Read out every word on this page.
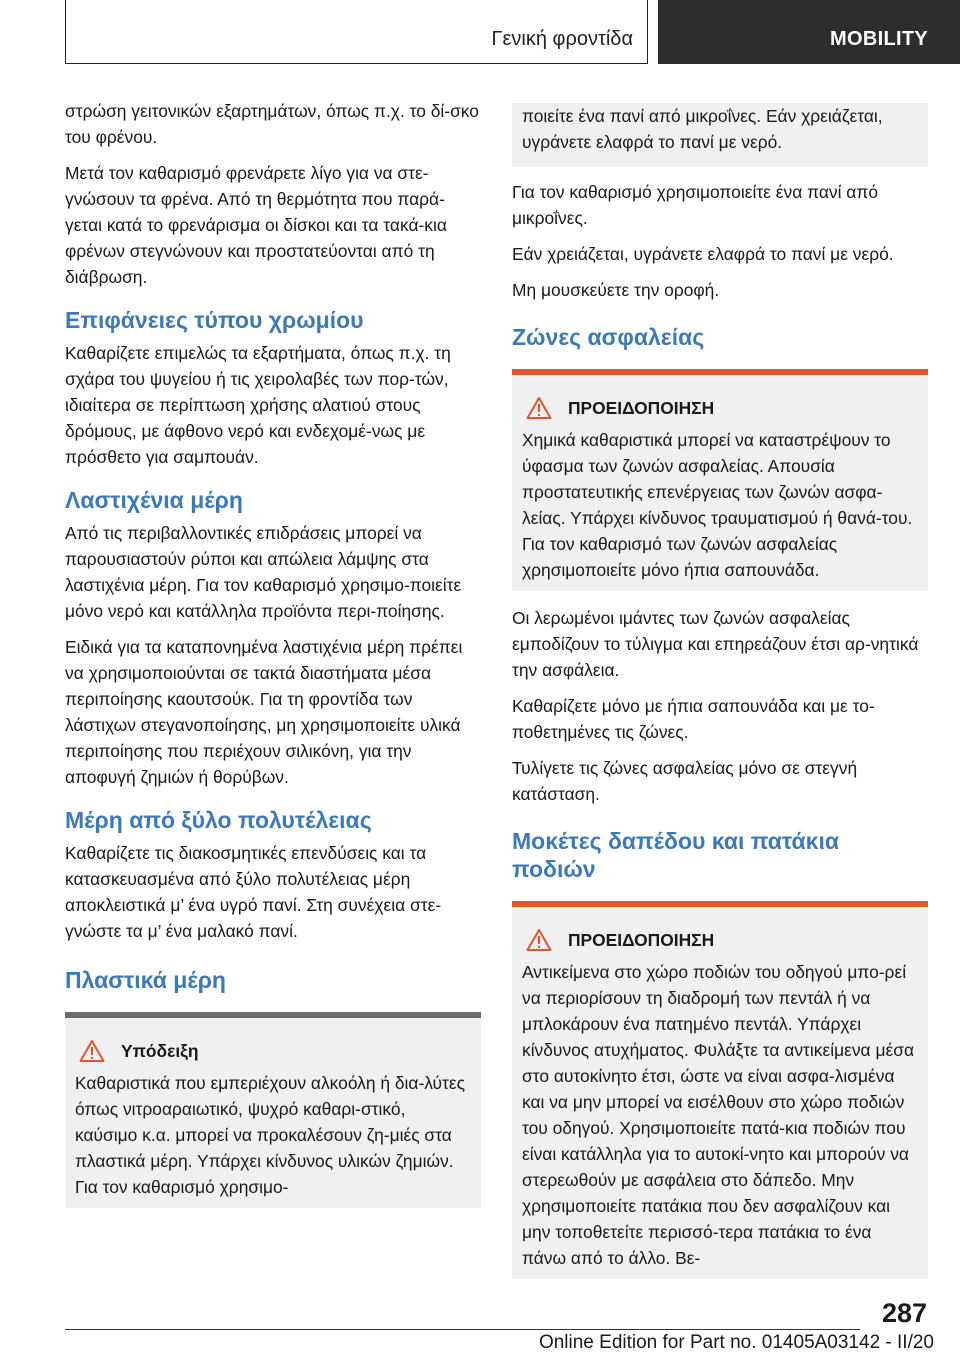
Γενική φροντίδα	MOBILITY

στρώση γειτονικών εξαρτημάτων, όπως π.χ. το δί-σκο του φρένου.

Μετά τον καθαρισμό φρενάρετε λίγο για να στε-γνώσουν τα φρένα. Από τη θερμότητα που παρά-γεται κατά το φρενάρισμα οι δίσκοι και τα τακά-κια φρένων στεγνώνουν και προστατεύονται από τη διάβρωση.

Επιφάνειες τύπου χρωμίου

Καθαρίζετε επιμελώς τα εξαρτήματα, όπως π.χ. τη σχάρα του ψυγείου ή τις χειρολαβές των πορ-τών, ιδιαίτερα σε περίπτωση χρήσης αλατιού στους δρόμους, με άφθονο νερό και ενδεχομέ-νως με πρόσθετο για σαμπουάν.

Λαστιχένια μέρη

Από τις περιβαλλοντικές επιδράσεις μπορεί να παρουσιαστούν ρύποι και απώλεια λάμψης στα λαστιχένια μέρη. Για τον καθαρισμό χρησιμο-ποιείτε μόνο νερό και κατάλληλα προϊόντα περι-ποίησης.

Ειδικά για τα καταπονημένα λαστιχένια μέρη πρέπει να χρησιμοποιούνται σε τακτά διαστήματα μέσα περιποίησης καουτσούκ. Για τη φροντίδα των λάστιχων στεγανοποίησης, μη χρησιμοποιείτε υλικά περιποίησης που περιέχουν σιλικόνη, για την αποφυγή ζημιών ή θορύβων.

Μέρη από ξύλο πολυτέλειας

Καθαρίζετε τις διακοσμητικές επενδύσεις και τα κατασκευασμένα από ξύλο πολυτέλειας μέρη αποκλειστικά μ’ ένα υγρό πανί. Στη συνέχεια στε-γνώστε τα μ’ ένα μαλακό πανί.

Πλαστικά μέρη
Υπόδειξη

Καθαριστικά που εμπεριέχουν αλκοόλη ή δια-λύτες όπως νιτροαραιωτικό, ψυχρό καθαρι-στικό, καύσιμο κ.α. μπορεί να προκαλέσουν ζη-μιές στα πλαστικά μέρη. Υπάρχει κίνδυνος υλικών ζημιών. Για τον καθαρισμό χρησιμο-

ποιείτε ένα πανί από μικροΐνες. Εάν χρειάζεται, υγράνετε ελαφρά το πανί με νερό.

Για τον καθαρισμό χρησιμοποιείτε ένα πανί από μικροΐνες.

Εάν χρειάζεται, υγράνετε ελαφρά το πανί με νερό.

Μη μουσκεύετε την οροφή.

Ζώνες ασφαλείας
ΠΡΟΕΙΔΟΠΟΙΗΣΗ

Χημικά καθαριστικά μπορεί να καταστρέψουν το ύφασμα των ζωνών ασφαλείας. Απουσία προστατευτικής επενέργειας των ζωνών ασφα-λείας. Υπάρχει κίνδυνος τραυματισμού ή θανά-του. Για τον καθαρισμό των ζωνών ασφαλείας χρησιμοποιείτε μόνο ήπια σαπουνάδα.

Οι λερωμένοι ιμάντες των ζωνών ασφαλείας εμποδίζουν το τύλιγμα και επηρεάζουν έτσι αρ-νητικά την ασφάλεια.

Καθαρίζετε μόνο με ήπια σαπουνάδα και με το-ποθετημένες τις ζώνες.

Τυλίγετε τις ζώνες ασφαλείας μόνο σε στεγνή κατάσταση.

Μοκέτες δαπέδου και πατάκια ποδιών
ΠΡΟΕΙΔΟΠΟΙΗΣΗ

Αντικείμενα στο χώρο ποδιών του οδηγού μπο-ρεί να περιορίσουν τη διαδρομή των πεντάλ ή να μπλοκάρουν ένα πατημένο πεντάλ. Υπάρχει κίνδυνος ατυχήματος. Φυλάξτε τα αντικείμενα μέσα στο αυτοκίνητο έτσι, ώστε να είναι ασφα-λισμένα και να μην μπορεί να εισέλθουν στο χώρο ποδιών του οδηγού. Χρησιμοποιείτε πατά-κια ποδιών που είναι κατάλληλα για το αυτοκί-νητο και μπορούν να στερεωθούν με ασφάλεια στο δάπεδο. Μην χρησιμοποιείτε πατάκια που δεν ασφαλίζουν και μην τοποθετείτε περισσό-τερα πατάκια το ένα πάνω από το άλλο. Βε-

287
Online Edition for Part no. 01405A03142 - II/20
